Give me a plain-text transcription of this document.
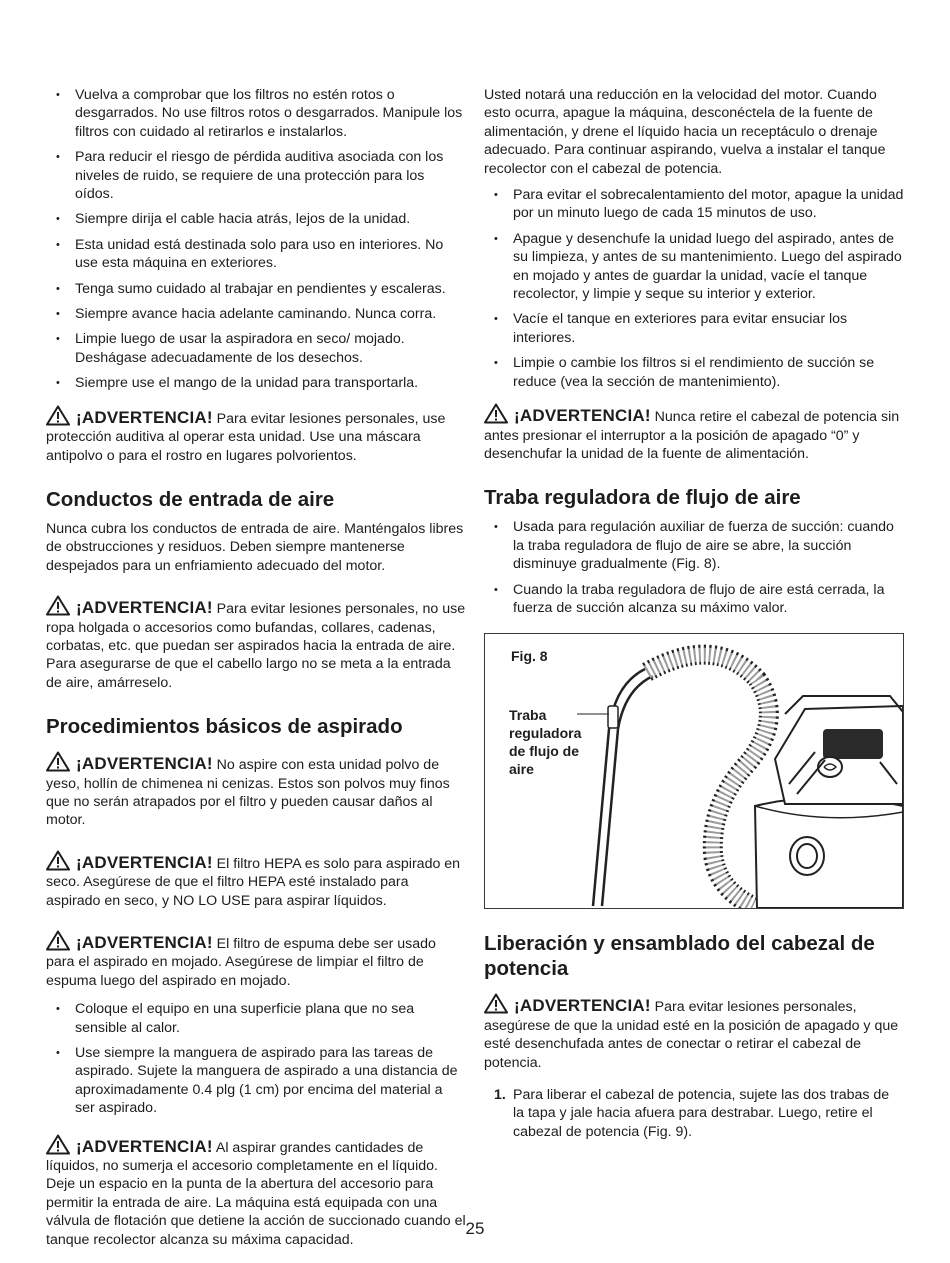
• Vuelva a comprobar que los filtros no estén rotos o desgarrados. No use filtros rotos o desgarrados. Manipule los filtros con cuidado al retirarlos e instalarlos.
• Para reducir el riesgo de pérdida auditiva asociada con los niveles de ruido, se requiere de una protección para los oídos.
• Siempre dirija el cable hacia atrás, lejos de la unidad.
• Esta unidad está destinada solo para uso en interiores. No use esta máquina en exteriores.
• Tenga sumo cuidado al trabajar en pendientes y escaleras.
• Siempre avance hacia adelante caminando. Nunca corra.
• Limpie luego de usar la aspiradora en seco/ mojado. Deshágase adecuadamente de los desechos.
• Siempre use el mango de la unidad para transportarla.

¡ADVERTENCIA! Para evitar lesiones personales, use protección auditiva al operar esta unidad. Use una máscara antipolvo o para el rostro en lugares polvorientos.

Conductos de entrada de aire

Nunca cubra los conductos de entrada de aire. Manténgalos libres de obstrucciones y residuos. Deben siempre mantenerse despejados para un enfriamiento adecuado del motor.

¡ADVERTENCIA! Para evitar lesiones personales, no use ropa holgada o accesorios como bufandas, collares, cadenas, corbatas, etc. que puedan ser aspirados hacia la entrada de aire. Para asegurarse de que el cabello largo no se meta a la entrada de aire, amárreselo.

Procedimientos básicos de aspirado

¡ADVERTENCIA! No aspire con esta unidad polvo de yeso, hollín de chimenea ni cenizas. Estos son polvos muy finos que no serán atrapados por el filtro y pueden causar daños al motor.

¡ADVERTENCIA! El filtro HEPA es solo para aspirado en seco. Asegúrese de que el filtro HEPA esté instalado para aspirado en seco, y NO LO USE para aspirar líquidos.

¡ADVERTENCIA! El filtro de espuma debe ser usado para el aspirado en mojado. Asegúrese de limpiar el filtro de espuma luego del aspirado en mojado.

• Coloque el equipo en una superficie plana que no sea sensible al calor.
• Use siempre la manguera de aspirado para las tareas de aspirado. Sujete la manguera de aspirado a una distancia de aproximadamente 0.4 plg (1 cm) por encima del material a ser aspirado.

¡ADVERTENCIA! Al aspirar grandes cantidades de líquidos, no sumerja el accesorio completamente en el líquido. Deje un espacio en la punta de la abertura del accesorio para permitir la entrada de aire. La máquina está equipada con una válvula de flotación que detiene la acción de succionado cuando el tanque recolector alcanza su máxima capacidad.

Usted notará una reducción en la velocidad del motor. Cuando esto ocurra, apague la máquina, desconéctela de la fuente de alimentación, y drene el líquido hacia un receptáculo o drenaje adecuado. Para continuar aspirando, vuelva a instalar el tanque recolector con el cabezal de potencia.

• Para evitar el sobrecalentamiento del motor, apague la unidad por un minuto luego de cada 15 minutos de uso.
• Apague y desenchufe la unidad luego del aspirado, antes de su limpieza, y antes de su mantenimiento. Luego del aspirado en mojado y antes de guardar la unidad, vacíe el tanque recolector, y limpie y seque su interior y exterior.
• Vacíe el tanque en exteriores para evitar ensuciar los interiores.
• Limpie o cambie los filtros si el rendimiento de succión se reduce (vea la sección de mantenimiento).

¡ADVERTENCIA! Nunca retire el cabezal de potencia sin antes presionar el interruptor a la posición de apagado “0” y desenchufar la unidad de la fuente de alimentación.

Traba reguladora de flujo de aire
• Usada para regulación auxiliar de fuerza de succión: cuando la traba reguladora de flujo de aire se abre, la succión disminuye gradualmente (Fig. 8).
• Cuando la traba reguladora de flujo de aire está cerrada, la fuerza de succión alcanza su máximo valor.
Fig. 8
Traba reguladora de flujo de aire
Liberación y ensamblado del cabezal de potencia

¡ADVERTENCIA! Para evitar lesiones personales, asegúrese de que la unidad esté en la posición de apagado y que esté desenchufada antes de conectar o retirar el cabezal de potencia.

1. Para liberar el cabezal de potencia, sujete las dos trabas de la tapa y jale hacia afuera para destrabar. Luego, retire el cabezal de potencia (Fig. 9).
25
